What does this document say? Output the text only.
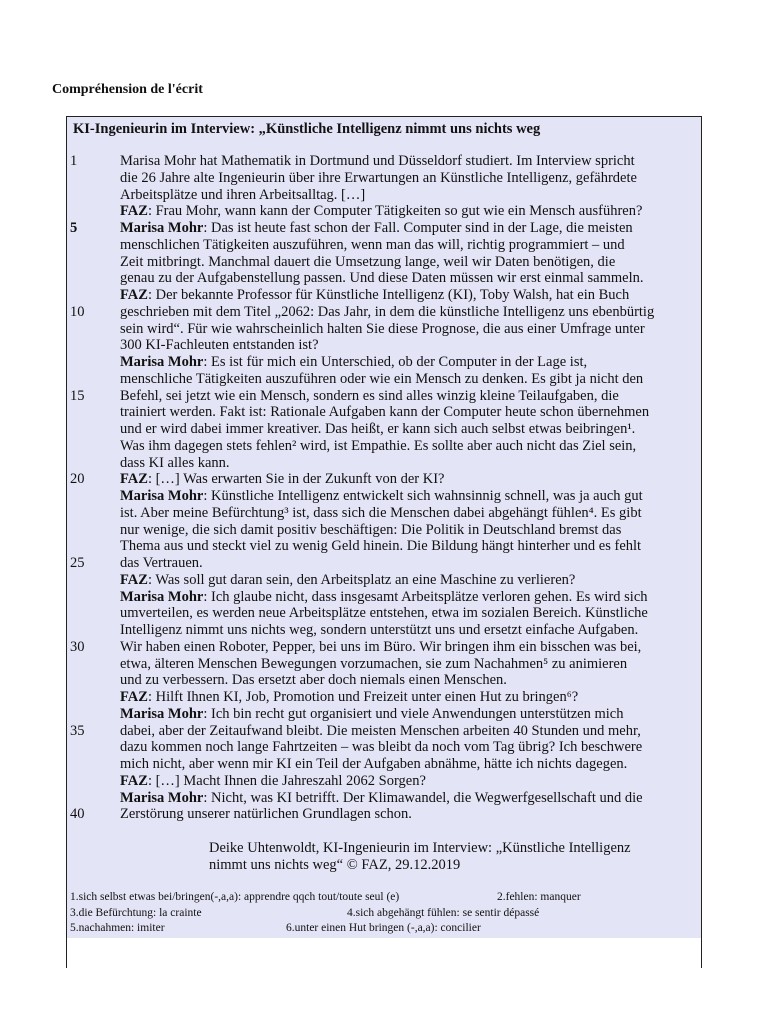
Compréhension de l'écrit
KI-Ingenieurin im Interview: „Künstliche Intelligenz nimmt uns nichts weg
1	Marisa Mohr hat Mathematik in Dortmund und Düsseldorf studiert. Im Interview spricht
die 26 Jahre alte Ingenieurin über ihre Erwartungen an Künstliche Intelligenz, gefährdete
Arbeitsplätze und ihren Arbeitsalltag. […]
FAZ: Frau Mohr, wann kann der Computer Tätigkeiten so gut wie ein Mensch ausführen?
5	Marisa Mohr: Das ist heute fast schon der Fall. Computer sind in der Lage, die meisten
menschlichen Tätigkeiten auszuführen, wenn man das will, richtig programmiert – und
Zeit mitbringt. Manchmal dauert die Umsetzung lange, weil wir Daten benötigen, die
genau zu der Aufgabenstellung passen. Und diese Daten müssen wir erst einmal sammeln.
FAZ: Der bekannte Professor für Künstliche Intelligenz (KI), Toby Walsh, hat ein Buch
10	geschrieben mit dem Titel „2062: Das Jahr, in dem die künstliche Intelligenz uns ebenbürtig
sein wird“. Für wie wahrscheinlich halten Sie diese Prognose, die aus einer Umfrage unter
300 KI-Fachleuten entstanden ist?
Marisa Mohr: Es ist für mich ein Unterschied, ob der Computer in der Lage ist,
menschliche Tätigkeiten auszuführen oder wie ein Mensch zu denken. Es gibt ja nicht den
15	Befehl, sei jetzt wie ein Mensch, sondern es sind alles winzig kleine Teilaufgaben, die
trainiert werden. Fakt ist: Rationale Aufgaben kann der Computer heute schon übernehmen
und er wird dabei immer kreativer. Das heißt, er kann sich auch selbst etwas beibringen¹.
Was ihm dagegen stets fehlen² wird, ist Empathie. Es sollte aber auch nicht das Ziel sein,
dass KI alles kann.
20	FAZ: […] Was erwarten Sie in der Zukunft von der KI?
Marisa Mohr: Künstliche Intelligenz entwickelt sich wahnsinnig schnell, was ja auch gut
ist. Aber meine Befürchtung³ ist, dass sich die Menschen dabei abgehängt fühlen⁴. Es gibt
nur wenige, die sich damit positiv beschäftigen: Die Politik in Deutschland bremst das
Thema aus und steckt viel zu wenig Geld hinein. Die Bildung hängt hinterher und es fehlt
25	das Vertrauen.
FAZ: Was soll gut daran sein, den Arbeitsplatz an eine Maschine zu verlieren?
Marisa Mohr: Ich glaube nicht, dass insgesamt Arbeitsplätze verloren gehen. Es wird sich
umverteilen, es werden neue Arbeitsplätze entstehen, etwa im sozialen Bereich. Künstliche
Intelligenz nimmt uns nichts weg, sondern unterstützt uns und ersetzt einfache Aufgaben.
30	Wir haben einen Roboter, Pepper, bei uns im Büro. Wir bringen ihm ein bisschen was bei,
etwa, älteren Menschen Bewegungen vorzumachen, sie zum Nachahmen⁵ zu animieren
und zu verbessern. Das ersetzt aber doch niemals einen Menschen.
FAZ: Hilft Ihnen KI, Job, Promotion und Freizeit unter einen Hut zu bringen⁶?
Marisa Mohr: Ich bin recht gut organisiert und viele Anwendungen unterstützen mich
35	dabei, aber der Zeitaufwand bleibt. Die meisten Menschen arbeiten 40 Stunden und mehr,
dazu kommen noch lange Fahrtzeiten – was bleibt da noch vom Tag übrig? Ich beschwere
mich nicht, aber wenn mir KI ein Teil der Aufgaben abnähme, hätte ich nichts dagegen.
FAZ: […] Macht Ihnen die Jahreszahl 2062 Sorgen?
Marisa Mohr: Nicht, was KI betrifft. Der Klimawandel, die Wegwerfgesellschaft und die
40	Zerstörung unserer natürlichen Grundlagen schon.
Deike Uhtenwoldt, KI-Ingenieurin im Interview: „Künstliche Intelligenz
nimmt uns nichts weg“ © FAZ, 29.12.2019
1.sich selbst etwas bei/bringen(-,a,a): apprendre qqch tout/toute seul (e)	2.fehlen: manquer
3.die Befürchtung: la crainte	4.sich abgehängt fühlen: se sentir dépassé
5.nachahmen: imiter	6.unter einen Hut bringen (-,a,a): concilier
